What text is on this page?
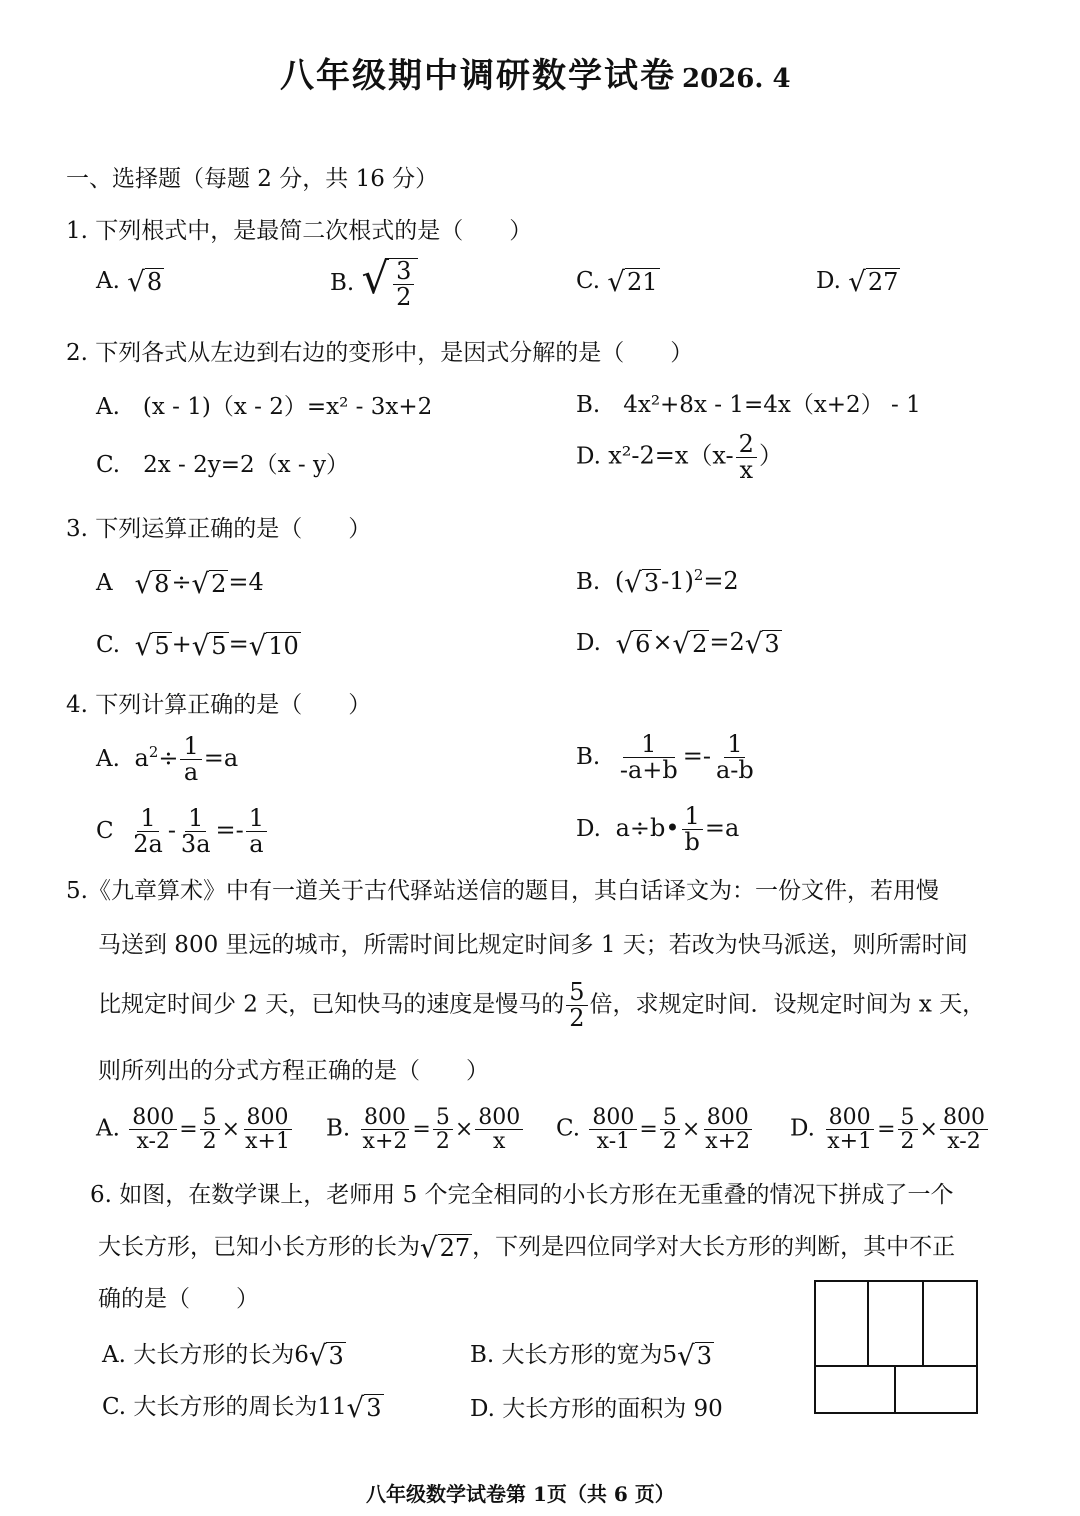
八年级期中调研数学试卷 2026. 4
一、选择题（每题 2 分，共 16 分）
1. 下列根式中，是最简二次根式的是（　　）
A. √ 8	B. √ $\frac{3}{2}$	C. √ 21	D. √ 27
2. 下列各式从左边到右边的变形中，是因式分解的是（　　）
A.　(x - 1)（x - 2）=x² - 3x+2	B.　4x²+8x - 1=4x（x+2） - 1
C.　2x - 2y=2（x - y）	D. $x^2-2=x(x- \frac{2}{x}$ ）
3. 下列运算正确的是（　　）
A √ 8 ÷ √ 2 =4	B. ( √ 3 -1)$^2$=2
C. √ 5 + √ 5 = √ 10	D. √ 6 × √ 2 =2 √ 3
4. 下列计算正确的是（　　）
A. $a^2\div \frac{1}{a} =a$	B. $\frac{1}{-a+b} =- \frac{1}{a-b}$
C $\frac{1}{2a} - \frac{1}{3a} =- \frac{1}{a}$	D. a÷b• $\frac{1}{b} =a$
5.《九章算术》中有一道关于古代驿站送信的题目，其白话译文为：一份文件，若用慢
马送到 800 里远的城市，所需时间比规定时间多 1 天；若改为快马派送，则所需时间
比规定时间少 2 天，已知快马的速度是慢马的 $\frac{5}{2}$ 倍，求规定时间．设规定时间为 x 天，
则所列出的分式方程正确的是（　　）
A. $\frac{800}{x-2} = \frac{5}{2} \times \frac{800}{x+1} B$. $\frac{800}{x+2} = \frac{5}{2} \times \frac{800}{x} C$. $\frac{800}{x-1} = \frac{5}{2} \times \frac{800}{x+2} D$. $\frac{800}{x+1} = \frac{5}{2} \times \frac{800}{x-2}$
6. 如图，在数学课上，老师用 5 个完全相同的小长方形在无重叠的情况下拼成了一个
大长方形，已知小长方形的长为 √ 27 ，下列是四位同学对大长方形的判断，其中不正
确的是（　　）
A. 大长方形的长为6 √ 3	B. 大长方形的宽为5 √ 3
C. 大长方形的周长为11 √ 3	D. 大长方形的面积为 90
八年级数学试卷第 1页（共 6 页）
